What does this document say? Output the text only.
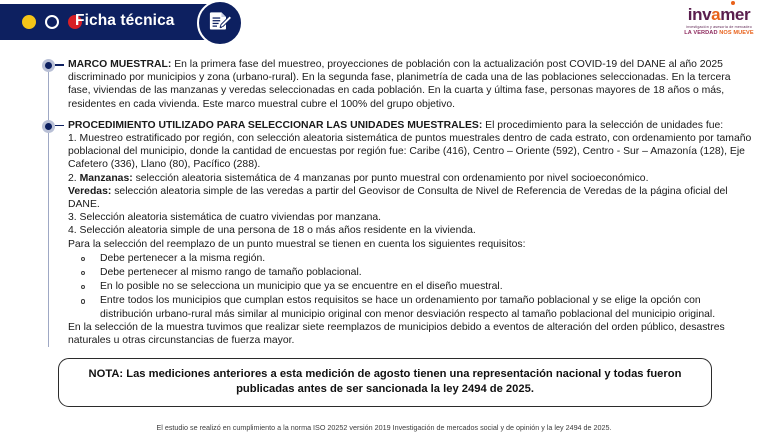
Ficha técnica	invamer
investigación y asesoría de mercadeo
LA VERDAD NOS MUEVE

MARCO MUESTRAL: En la primera fase del muestreo, proyecciones de población con la actualización post COVID-19 del DANE al año 2025 discriminado por municipios y zona (urbano-rural). En la segunda fase, planimetría de cada una de las poblaciones seleccionadas. En la tercera fase, viviendas de las manzanas y veredas seleccionadas en cada población. En la cuarta y última fase, personas mayores de 18 años o más, residentes en cada vivienda. Este marco muestral cubre el 100% del grupo objetivo.

PROCEDIMIENTO UTILIZADO PARA SELECCIONAR LAS UNIDADES MUESTRALES: El procedimiento para la selección de unidades fue:

1. Muestreo estratificado por región, con selección aleatoria sistemática de puntos muestrales dentro de cada estrato, con ordenamiento por tamaño poblacional del municipio, donde la cantidad de encuestas por región fue: Caribe (416), Centro – Oriente (592), Centro - Sur – Amazonía (128), Eje Cafetero (336), Llano (80), Pacífico (288).
2. Manzanas: selección aleatoria sistemática de 4 manzanas por punto muestral con ordenamiento por nivel socioeconómico.
Veredas: selección aleatoria simple de las veredas a partir del Geovisor de Consulta de Nivel de Referencia de Veredas de la página oficial del DANE.
3. Selección aleatoria sistemática de cuatro viviendas por manzana.
4. Selección aleatoria simple de una persona de 18 o más años residente en la vivienda.
Para la selección del reemplazo de un punto muestral se tienen en cuenta los siguientes requisitos:
Debe pertenecer a la misma región.
Debe pertenecer al mismo rango de tamaño poblacional.
En lo posible no se selecciona un municipio que ya se encuentre en el diseño muestral.
Entre todos los municipios que cumplan estos requisitos se hace un ordenamiento por tamaño poblacional y se elige la opción con distribución urbano-rural más similar al municipio original con menor desviación respecto al tamaño poblacional del municipio original.
En la selección de la muestra tuvimos que realizar siete reemplazos de municipios debido a eventos de alteración del orden público, desastres naturales u otras circunstancias de fuerza mayor.
NOTA: Las mediciones anteriores a esta medición de agosto tienen una representación nacional y todas fueron publicadas antes de ser sancionada la ley 2494 de 2025.
El estudio se realizó en cumplimiento a la norma ISO 20252 versión 2019 Investigación de mercados social y de opinión y la ley 2494 de 2025.
